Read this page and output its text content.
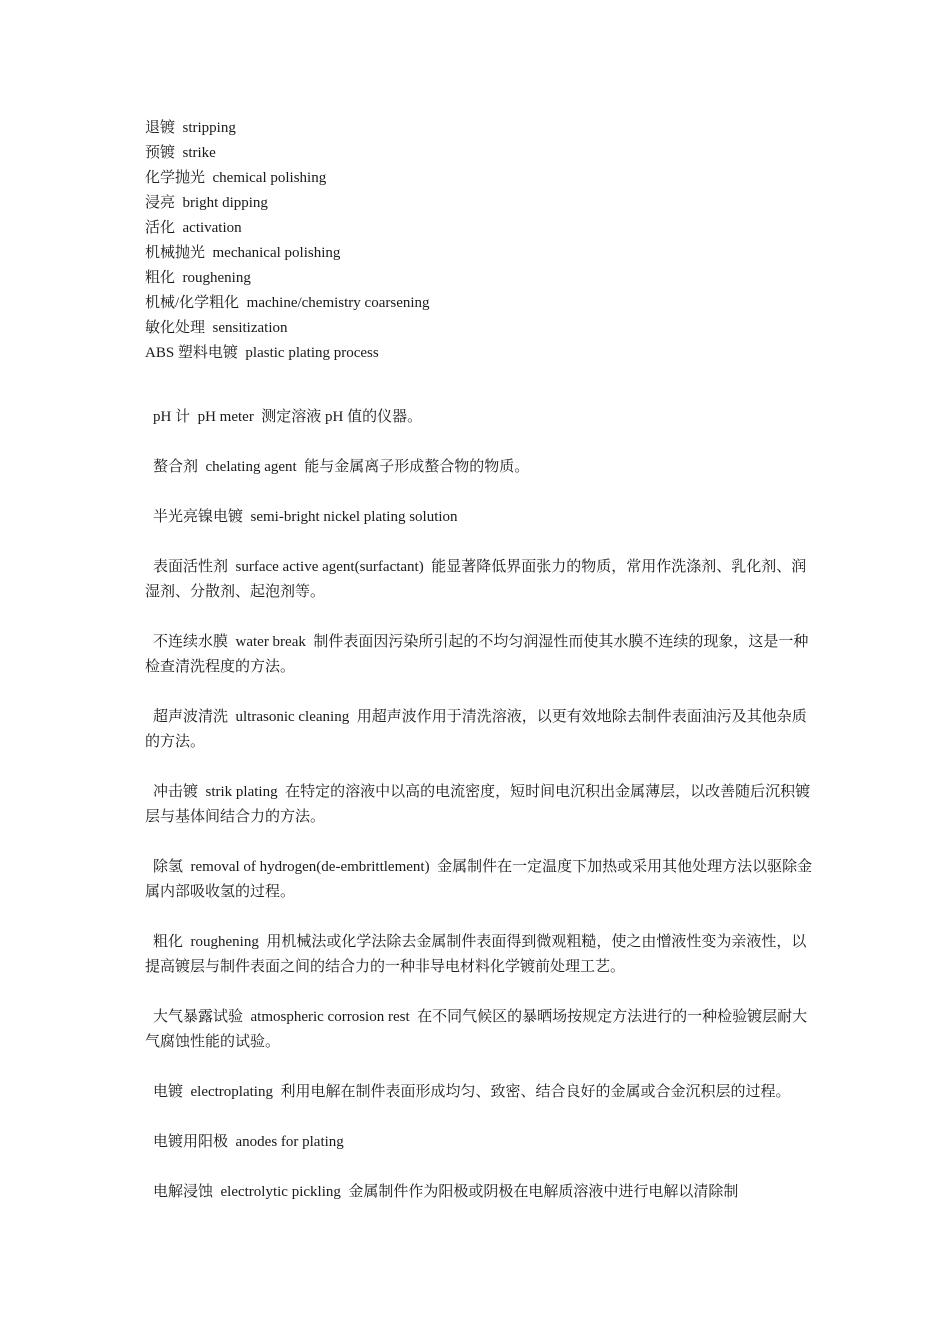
退镀  stripping
预镀  strike
化学抛光  chemical polishing
浸亮  bright dipping
活化  activation
机械抛光  mechanical polishing
粗化  roughening
机械/化学粗化  machine/chemistry coarsening
敏化处理  sensitization
ABS 塑料电镀  plastic plating process

pH 计  pH meter  测定溶液 pH 值的仪器。

螯合剂  chelating agent  能与金属离子形成螯合物的物质。

半光亮镍电镀  semi-bright nickel plating solution

表面活性剂  surface active agent(surfactant)  能显著降低界面张力的物质，常用作洗涤剂、乳化剂、润湿剂、分散剂、起泡剂等。

不连续水膜  water break  制件表面因污染所引起的不均匀润湿性而使其水膜不连续的现象，这是一种检查清洗程度的方法。

超声波清洗  ultrasonic cleaning  用超声波作用于清洗溶液，以更有效地除去制件表面油污及其他杂质的方法。

冲击镀  strik plating  在特定的溶液中以高的电流密度，短时间电沉积出金属薄层，以改善随后沉积镀层与基体间结合力的方法。

除氢  removal of hydrogen(de-embrittlement)  金属制件在一定温度下加热或采用其他处理方法以驱除金属内部吸收氢的过程。

粗化  roughening  用机械法或化学法除去金属制件表面得到微观粗糙，使之由憎液性变为亲液性，以提高镀层与制件表面之间的结合力的一种非导电材料化学镀前处理工艺。

大气暴露试验  atmospheric corrosion rest  在不同气候区的暴晒场按规定方法进行的一种检验镀层耐大气腐蚀性能的试验。

电镀  electroplating  利用电解在制件表面形成均匀、致密、结合良好的金属或合金沉积层的过程。

电镀用阳极  anodes for plating

电解浸蚀  electrolytic pickling  金属制件作为阳极或阴极在电解质溶液中进行电解以清除制
